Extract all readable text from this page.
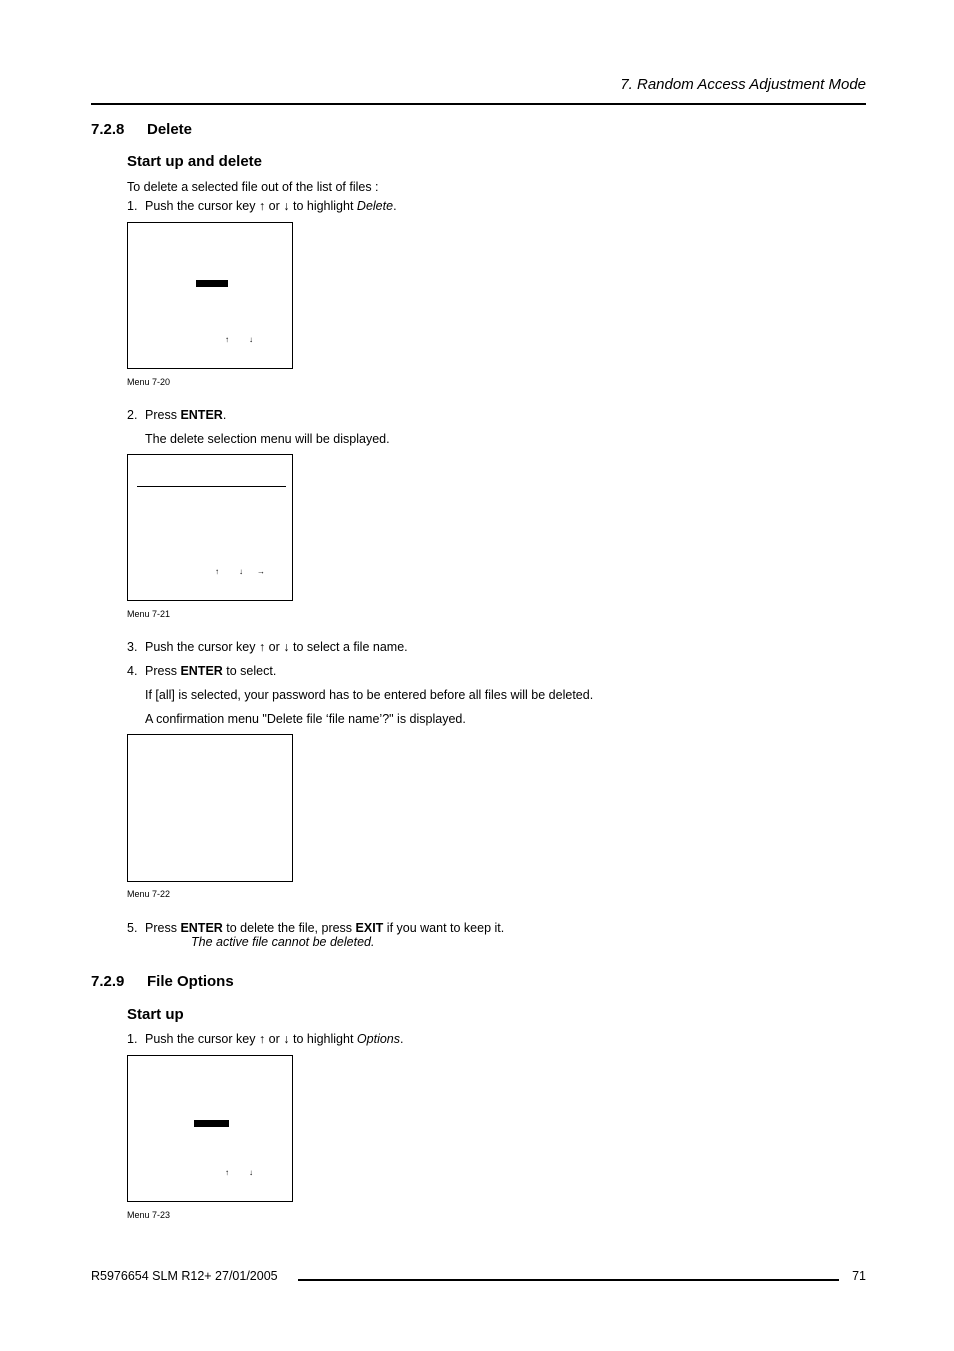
7. Random Access Adjustment Mode
7.2.8 Delete
Start up and delete
To delete a selected file out of the list of files :
1. Push the cursor key ↑ or ↓ to highlight Delete.
↑	↓
Menu 7-20
2. Press ENTER.
The delete selection menu will be displayed.
↑	↓ →
Menu 7-21
3. Push the cursor key ↑ or ↓ to select a file name.
4. Press ENTER to select.
If [all] is selected, your password has to be entered before all files will be deleted.
A confirmation menu "Delete file ‘file name’?" is displayed.
Menu 7-22
5. Press ENTER to delete the file, press EXIT if you want to keep it.
The active file cannot be deleted.
7.2.9 File Options
Start up
1. Push the cursor key ↑ or ↓ to highlight Options.
↑	↓
Menu 7-23
R5976654 SLM R12+ 27/01/2005	71
